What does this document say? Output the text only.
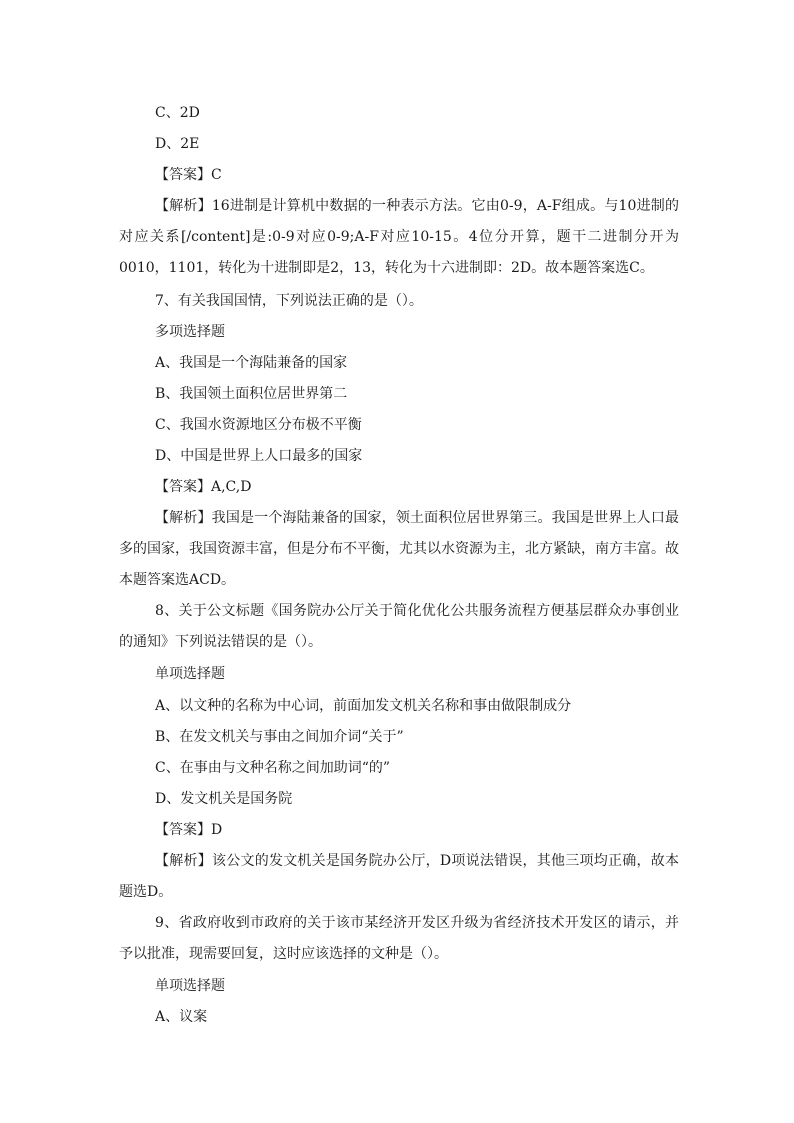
C、2D
D、2E
【答案】C
【解析】16进制是计算机中数据的一种表示方法。它由0-9，A-F组成。与10进制的对应关系[/content]是:0-9对应0-9;A-F对应10-15。4位分开算，题干二进制分开为0010，1101，转化为十进制即是2，13，转化为十六进制即：2D。故本题答案选C。
7、有关我国国情，下列说法正确的是（）。
多项选择题
A、我国是一个海陆兼备的国家
B、我国领土面积位居世界第二
C、我国水资源地区分布极不平衡
D、中国是世界上人口最多的国家
【答案】A,C,D
【解析】我国是一个海陆兼备的国家，领土面积位居世界第三。我国是世界上人口最多的国家，我国资源丰富，但是分布不平衡，尤其以水资源为主，北方紧缺，南方丰富。故本题答案选ACD。
8、关于公文标题《国务院办公厅关于简化优化公共服务流程方便基层群众办事创业的通知》下列说法错误的是（）。
单项选择题
A、以文种的名称为中心词，前面加发文机关名称和事由做限制成分
B、在发文机关与事由之间加介词“关于”
C、在事由与文种名称之间加助词“的”
D、发文机关是国务院
【答案】D
【解析】该公文的发文机关是国务院办公厅，D项说法错误，其他三项均正确，故本题选D。
9、省政府收到市政府的关于该市某经济开发区升级为省经济技术开发区的请示，并予以批准，现需要回复，这时应该选择的文种是（）。
单项选择题
A、议案
